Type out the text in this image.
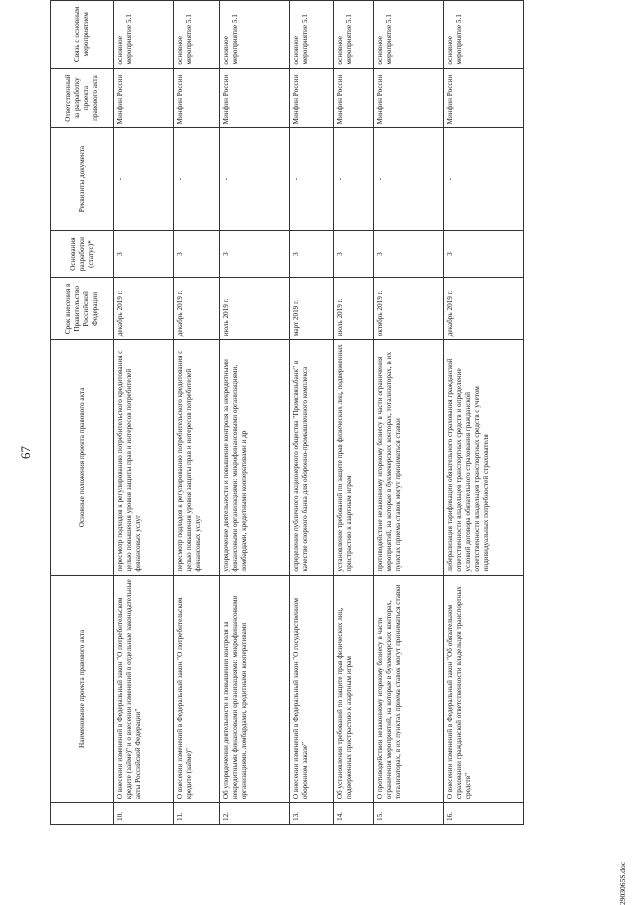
67
	Наименование проекта правового акта	Основные положения проекта правового акта	Срок внесения в Правительство Российской Федерации	Основания разработки (статус)*	Реквизиты документа	Ответственный за разработку проекта правового акта	Связь с основным мероприятием
10.	О внесении изменений в Федеральный закон "О потребительском кредите (займе)" и о внесении изменений в отдельные законодательные акты Российской Федерации"	пересмотр подходов к регулированию потребительского кредитования с целью повышения уровня защиты прав и интересов потребителей финансовых услуг	декабрь 2019 г.	3	-	Минфин России	основное мероприятие 5.1
11.	О внесении изменений в Федеральный закон "О потребительском кредите (займе)"	пересмотр подходов к регулированию потребительского кредитования с целью повышения уровня защиты прав и интересов потребителей финансовых услуг	декабрь 2019 г.	3	-	Минфин России	основное мероприятие 5.1
12.	Об упорядочении деятельности и повышении контроля за некредитными финансовыми организациями: микрофинансовыми организациями, ломбардами, кредитными кооперативами	упорядочение деятельности и повышение контроля за некредитными финансовыми организациями: микрофинансовыми организациями, ломбардами, кредитными кооперативами и др	июль 2019 г.	3	-	Минфин России	основное мероприятие 5.1
13.	О внесении изменений в Федеральный закон "О государственном оборонном заказе"	определение публичного акционерного общества "Промсвязьбанк" в качестве опорного банка для оборонно-промышленного комплекса	март 2019 г.	3	-	Минфин России	основное мероприятие 5.1
14.	Об установлении требований по защите прав физических лиц, подверженных пристрастию к азартным играм	установление требований по защите прав физических лиц, подверженных пристрастию к азартным играм	июль 2019 г.	3	-	Минфин России	основное мероприятие 5.1
15.	О противодействии незаконному игорному бизнесу в части ограничения мероприятий, на которые в букмекерских конторах, тотализаторах, в их пунктах приема ставок могут приниматься ставки	противодействие незаконному игорному бизнесу в части ограничения мероприятий, на которые в букмекерских конторах, тотализаторах, в их пунктах приема ставок могут приниматься ставки	октябрь 2019 г.	3	-	Минфин России	основное мероприятие 5.1
16.	О внесении изменений в Федеральный закон "Об обязательном страховании гражданской ответственности владельцев транспортных средств"	либерализация тарификации обязательного страхования гражданской ответственности владельцев транспортных средств и определение условий договора обязательного страхования гражданской ответственности владельцев транспортных средств с учетом индивидуальных потребностей страхователя	декабрь 2019 г.	3	-	Минфин России	основное мероприятие 5.1
2903065S.doc
